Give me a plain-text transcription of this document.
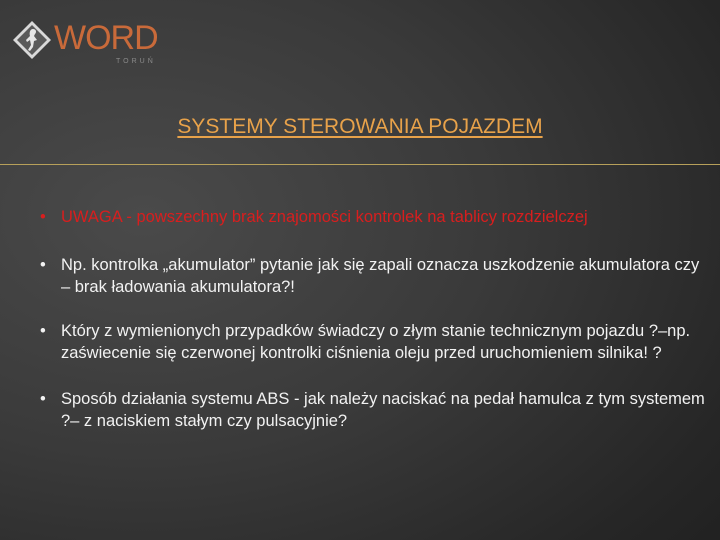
WORD
TORUŃ
SYSTEMY STEROWANIA POJAZDEM
• UWAGA - powszechny brak znajomości kontrolek na tablicy rozdzielczej
• Np. kontrolka „akumulator” pytanie jak się zapali oznacza uszkodzenie akumulatora czy – brak ładowania akumulatora?!
• Który z wymienionych przypadków świadczy o złym stanie technicznym pojazdu ?–np. zaświecenie się czerwonej kontrolki ciśnienia oleju przed uruchomieniem silnika! ?
• Sposób działania systemu ABS - jak należy naciskać na pedał hamulca z tym systemem ?– z naciskiem stałym czy pulsacyjnie?
